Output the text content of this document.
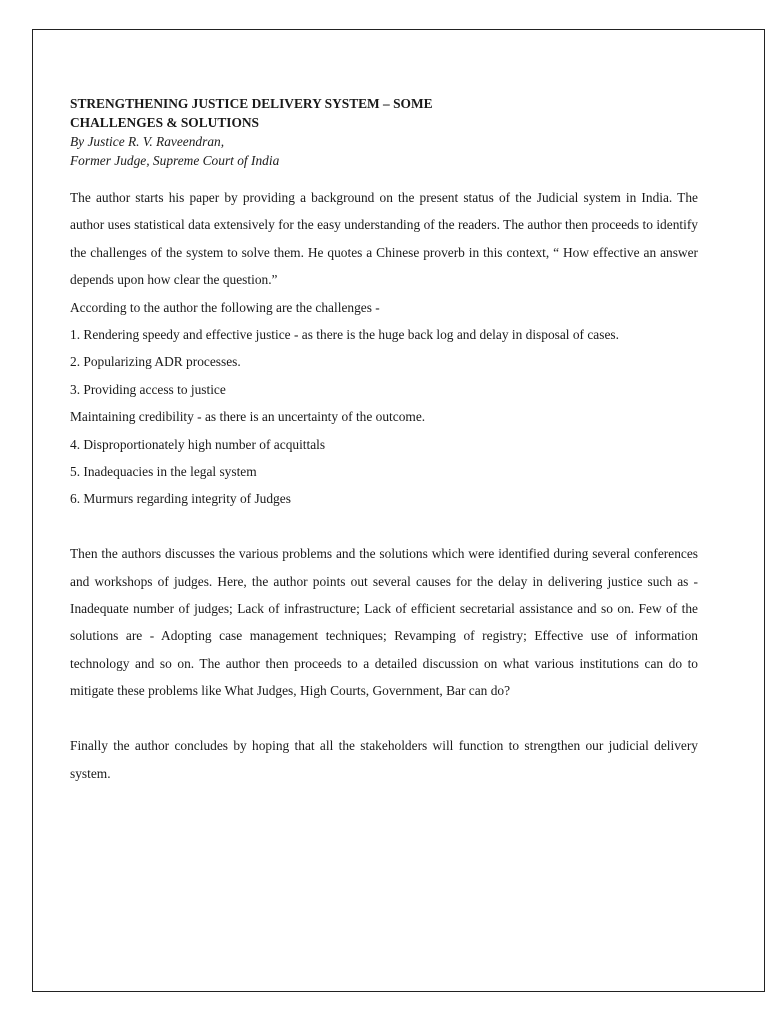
STRENGTHENING JUSTICE DELIVERY SYSTEM – SOME

CHALLENGES & SOLUTIONS

By Justice R. V. Raveendran,

Former Judge, Supreme Court of India

The author starts his paper by providing a background on the present status of the Judicial system in India. The author uses statistical data extensively for the easy understanding of the readers. The author then proceeds to identify the challenges of the system to solve them. He quotes a Chinese proverb in this context, “ How effective an answer depends upon how clear the question.”

According to the author the following are the challenges -

1. Rendering speedy and effective justice - as there is the huge back log and delay in disposal of cases.

2. Popularizing ADR processes.

3. Providing access to justice

Maintaining credibility - as there is an uncertainty of the outcome.

4. Disproportionately high number of acquittals

5. Inadequacies in the legal system

6. Murmurs regarding integrity of Judges

Then the authors discusses the various problems and the solutions which were identified during several conferences and workshops of judges. Here, the author points out several causes for the delay in delivering justice such as - Inadequate number of judges; Lack of infrastructure; Lack of efficient secretarial assistance and so on. Few of the solutions are - Adopting case management techniques; Revamping of registry; Effective use of information technology and so on. The author then proceeds to a detailed discussion on what various institutions can do to mitigate these problems like What Judges, High Courts, Government, Bar can do?

Finally the author concludes by hoping that all the stakeholders will function to strengthen our judicial delivery system.
